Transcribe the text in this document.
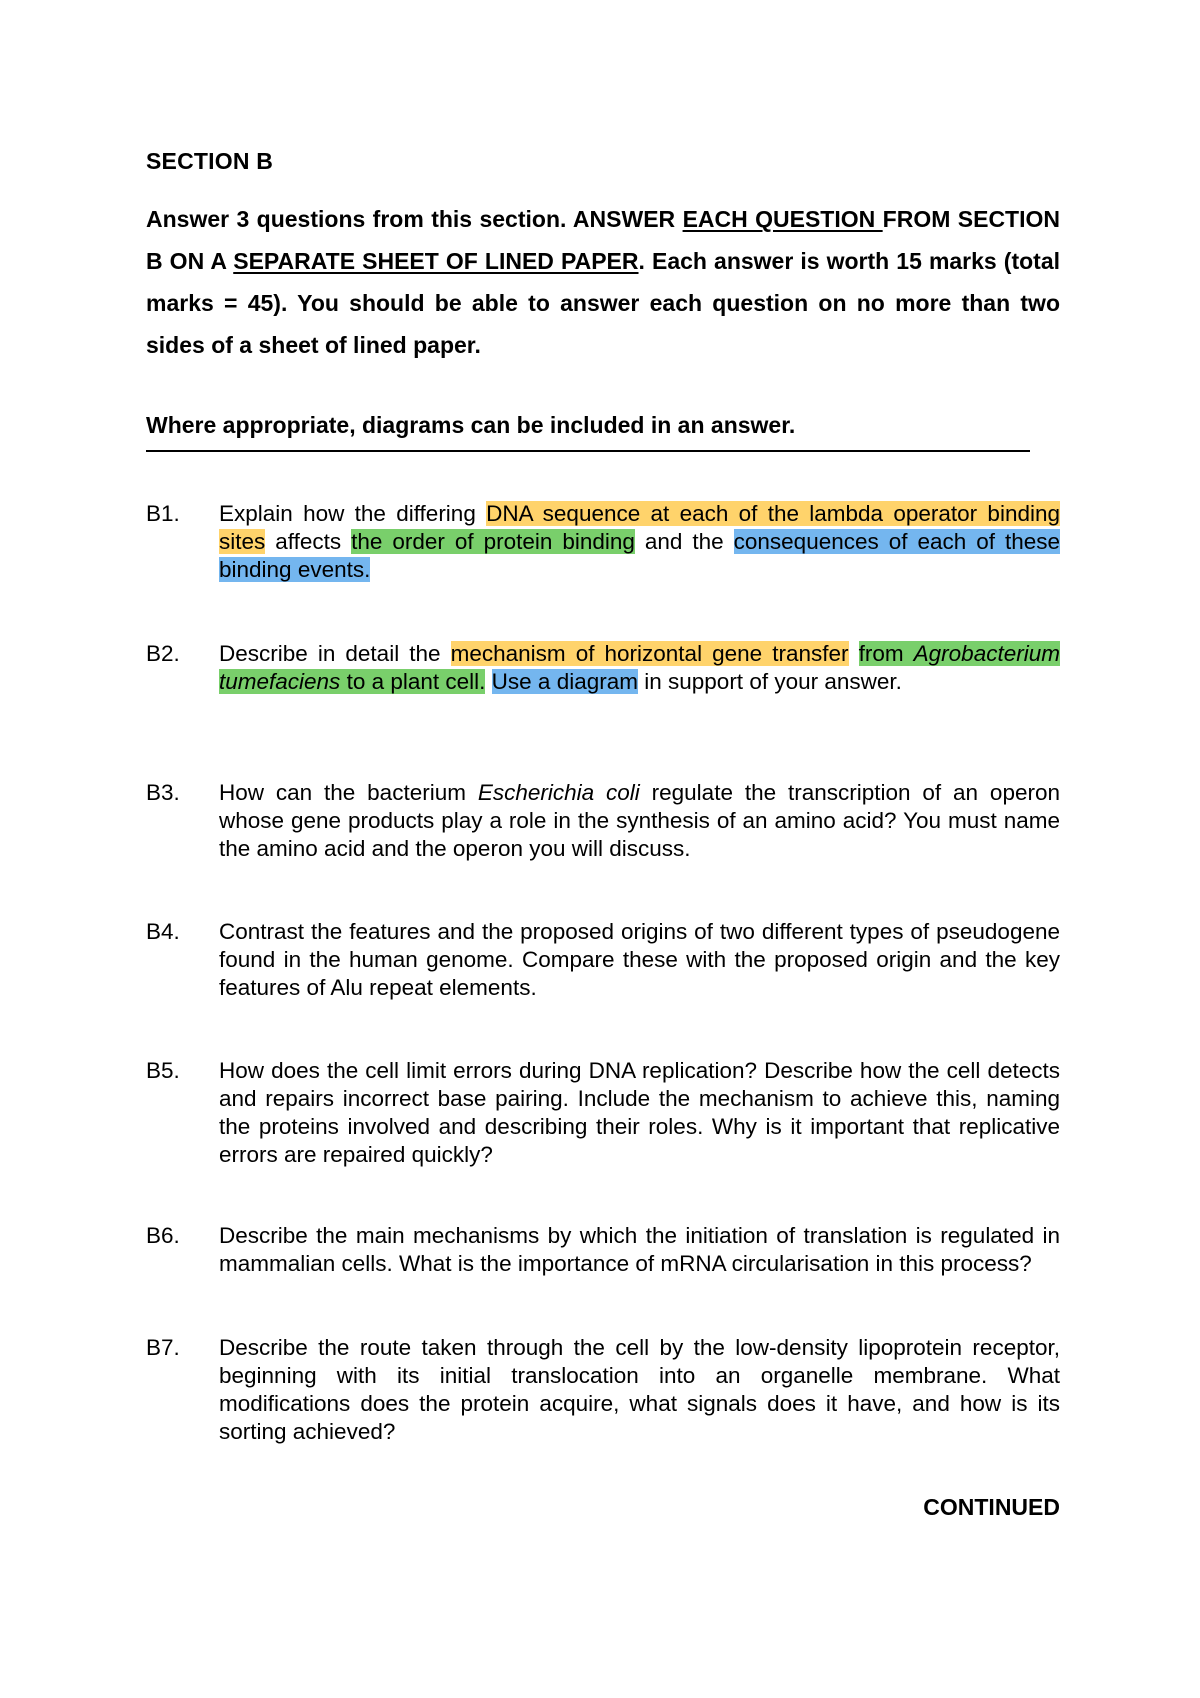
SECTION B
Answer 3 questions from this section. ANSWER EACH QUESTION FROM SECTION B ON A SEPARATE SHEET OF LINED PAPER. Each answer is worth 15 marks (total marks = 45). You should be able to answer each question on no more than two sides of a sheet of lined paper.
Where appropriate, diagrams can be included in an answer.
B1. Explain how the differing DNA sequence at each of the lambda operator binding sites affects the order of protein binding and the consequences of each of these binding events.
B2. Describe in detail the mechanism of horizontal gene transfer from Agrobacterium tumefaciens to a plant cell. Use a diagram in support of your answer.
B3. How can the bacterium Escherichia coli regulate the transcription of an operon whose gene products play a role in the synthesis of an amino acid? You must name the amino acid and the operon you will discuss.
B4. Contrast the features and the proposed origins of two different types of pseudogene found in the human genome. Compare these with the proposed origin and the key features of Alu repeat elements.
B5. How does the cell limit errors during DNA replication? Describe how the cell detects and repairs incorrect base pairing. Include the mechanism to achieve this, naming the proteins involved and describing their roles. Why is it important that replicative errors are repaired quickly?
B6. Describe the main mechanisms by which the initiation of translation is regulated in mammalian cells. What is the importance of mRNA circularisation in this process?
B7. Describe the route taken through the cell by the low-density lipoprotein receptor, beginning with its initial translocation into an organelle membrane. What modifications does the protein acquire, what signals does it have, and how is its sorting achieved?
CONTINUED
